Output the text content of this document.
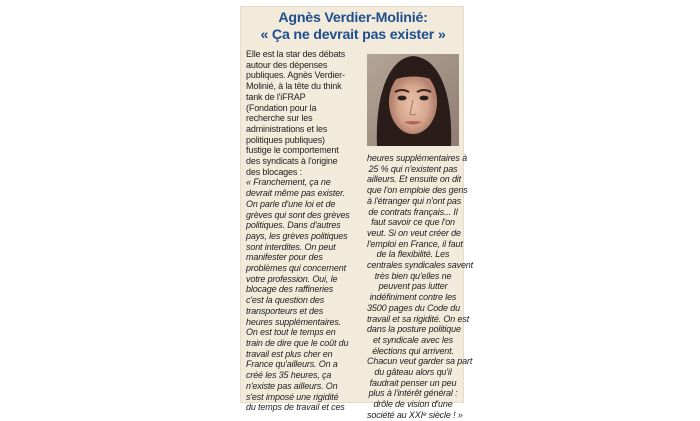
Agnès Verdier-Molinié:
« Ça ne devrait pas exister »
Elle est la star des débats
autour des dépenses
publiques. Agnès Verdier-
Molinié, à la tête du think
tank de l'iFRAP
(Fondation pour la
recherche sur les
administrations et les
politiques publiques)
fustige le comportement
des syndicats à l'origine
des blocages :
« Franchement, ça ne
devrait même pas exister.
On parle d'une loi et de
grèves qui sont des grèves
politiques. Dans d'autres
pays, les grèves politiques
sont interdites. On peut
manifester pour des
problèmes qui concernent
votre profession. Oui, le
blocage des raffineries
c'est la question des
transporteurs et des
heures supplémentaires.
On est tout le temps en
train de dire que le coût du
travail est plus cher en
France qu'ailleurs. On a
créé les 35 heures, ça
n'existe pas ailleurs. On
s'est imposé une rigidité
du temps de travail et ces
heures supplémentaires à
25 % qui n'existent pas
ailleurs. Et ensuite on dit
que l'on emploie des gens
à l'étranger qui n'ont pas
de contrats français... Il
faut savoir ce que l'on
veut. Si on veut créer de
l'emploi en France, il faut
de la flexibilité. Les
centrales syndicales savent
très bien qu'elles ne
peuvent pas lutter
indéfiniment contre les
3500 pages du Code du
travail et sa rigidité. On est
dans la posture politique
et syndicale avec les
élections qui arrivent.
Chacun veut garder sa part
du gâteau alors qu'il
faudrait penser un peu
plus à l'intérêt général :
drôle de vision d'une
société au XXIᵉ siècle ! »
